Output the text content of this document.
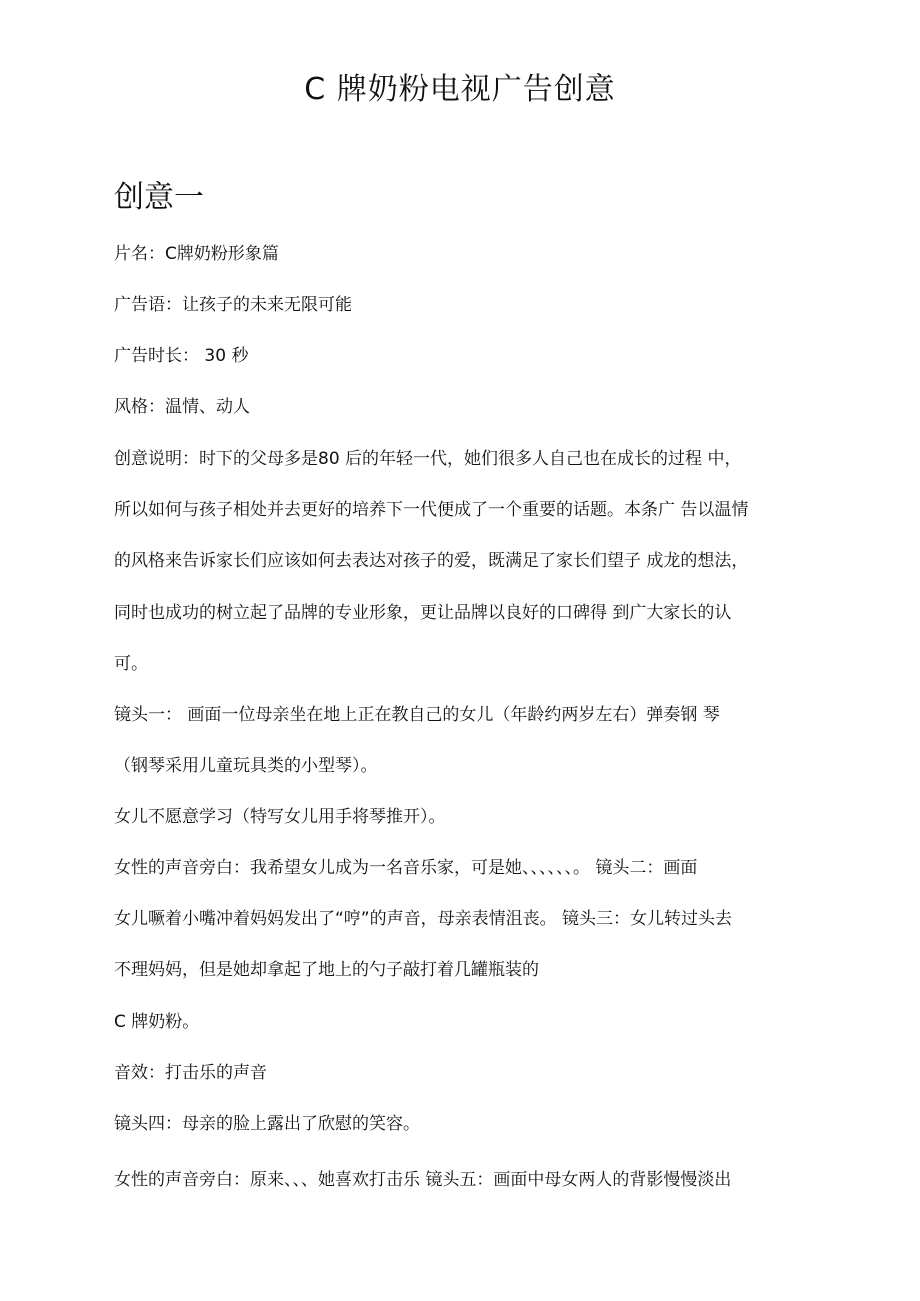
C 牌奶粉电视广告创意
创意一

片名：C牌奶粉形象篇

广告语：让孩子的未来无限可能

广告时长： 30 秒

风格：温情、动人

创意说明：时下的父母多是80 后的年轻一代，她们很多人自己也在成长的过程 中，

所以如何与孩子相处并去更好的培养下一代便成了一个重要的话题。本条广 告以温情

的风格来告诉家长们应该如何去表达对孩子的爱，既满足了家长们望子 成龙的想法，

同时也成功的树立起了品牌的专业形象，更让品牌以良好的口碑得 到广大家长的认

可。

镜头一： 画面一位母亲坐在地上正在教自己的女儿（年龄约两岁左右）弹奏钢 琴

（钢琴采用儿童玩具类的小型琴）。

女儿不愿意学习（特写女儿用手将琴推开）。

女性的声音旁白：我希望女儿成为一名音乐家，可是她、、、、、、。 镜头二：画面

女儿噘着小嘴冲着妈妈发出了“哼”的声音，母亲表情沮丧。 镜头三：女儿转过头去

不理妈妈，但是她却拿起了地上的勺子敲打着几罐瓶装的

C 牌奶粉。

音效：打击乐的声音

镜头四：母亲的脸上露出了欣慰的笑容。

女性的声音旁白：原来、、、她喜欢打击乐 镜头五：画面中母女两人的背影慢慢淡出
